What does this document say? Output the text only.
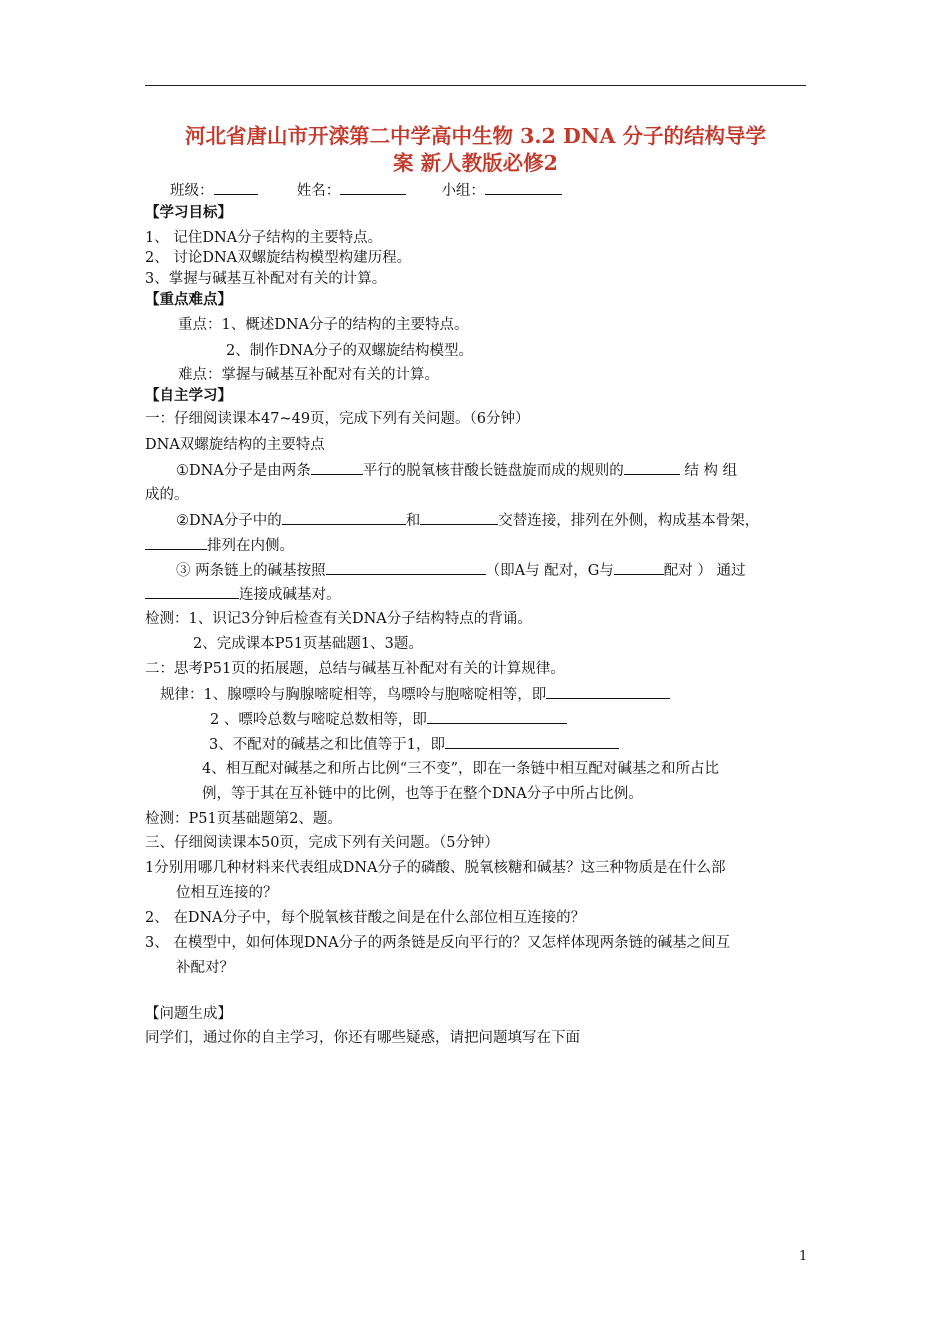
河北省唐山市开滦第二中学高中生物 3.2 DNA 分子的结构导学
案 新人教版必修2
班级：	姓名：	小组：
【学习目标】
1、 记住DNA分子结构的主要特点。
2、 讨论DNA双螺旋结构模型构建历程。
3、掌握与碱基互补配对有关的计算。
【重点难点】
重点：1、概述DNA分子的结构的主要特点。
2、制作DNA分子的双螺旋结构模型。
难点：掌握与碱基互补配对有关的计算。
【自主学习】
一：仔细阅读课本47~49页，完成下列有关问题。（6分钟）
DNA双螺旋结构的主要特点
①DNA分子是由两条	平行的脱氧核苷酸长链盘旋而成的规则的	结 构 组
成的。
②DNA分子中的	和	交替连接，排列在外侧，构成基本骨架，
排列在内侧。
③ 两条链上的碱基按照	（即A与 配对，G与	配对 ） 通过
连接成碱基对。
检测：1、识记3分钟后检查有关DNA分子结构特点的背诵。
2、完成课本P51页基础题1、3题。
二：思考P51页的拓展题，总结与碱基互补配对有关的计算规律。
规律：1、腺嘌呤与胸腺嘧啶相等，鸟嘌呤与胞嘧啶相等，即
2 、嘌呤总数与嘧啶总数相等，即
3、不配对的碱基之和比值等于1，即
4、相互配对碱基之和所占比例“三不变”，即在一条链中相互配对碱基之和所占比
例，等于其在互补链中的比例，也等于在整个DNA分子中所占比例。
检测：P51页基础题第2、题。
三、仔细阅读课本50页，完成下列有关问题。（5分钟）
1分别用哪几种材料来代表组成DNA分子的磷酸、脱氧核糖和碱基？这三种物质是在什么部
位相互连接的？
2、 在DNA分子中，每个脱氧核苷酸之间是在什么部位相互连接的？
3、 在模型中，如何体现DNA分子的两条链是反向平行的？又怎样体现两条链的碱基之间互
补配对？
【问题生成】
同学们，通过你的自主学习，你还有哪些疑惑，请把问题填写在下面
1
